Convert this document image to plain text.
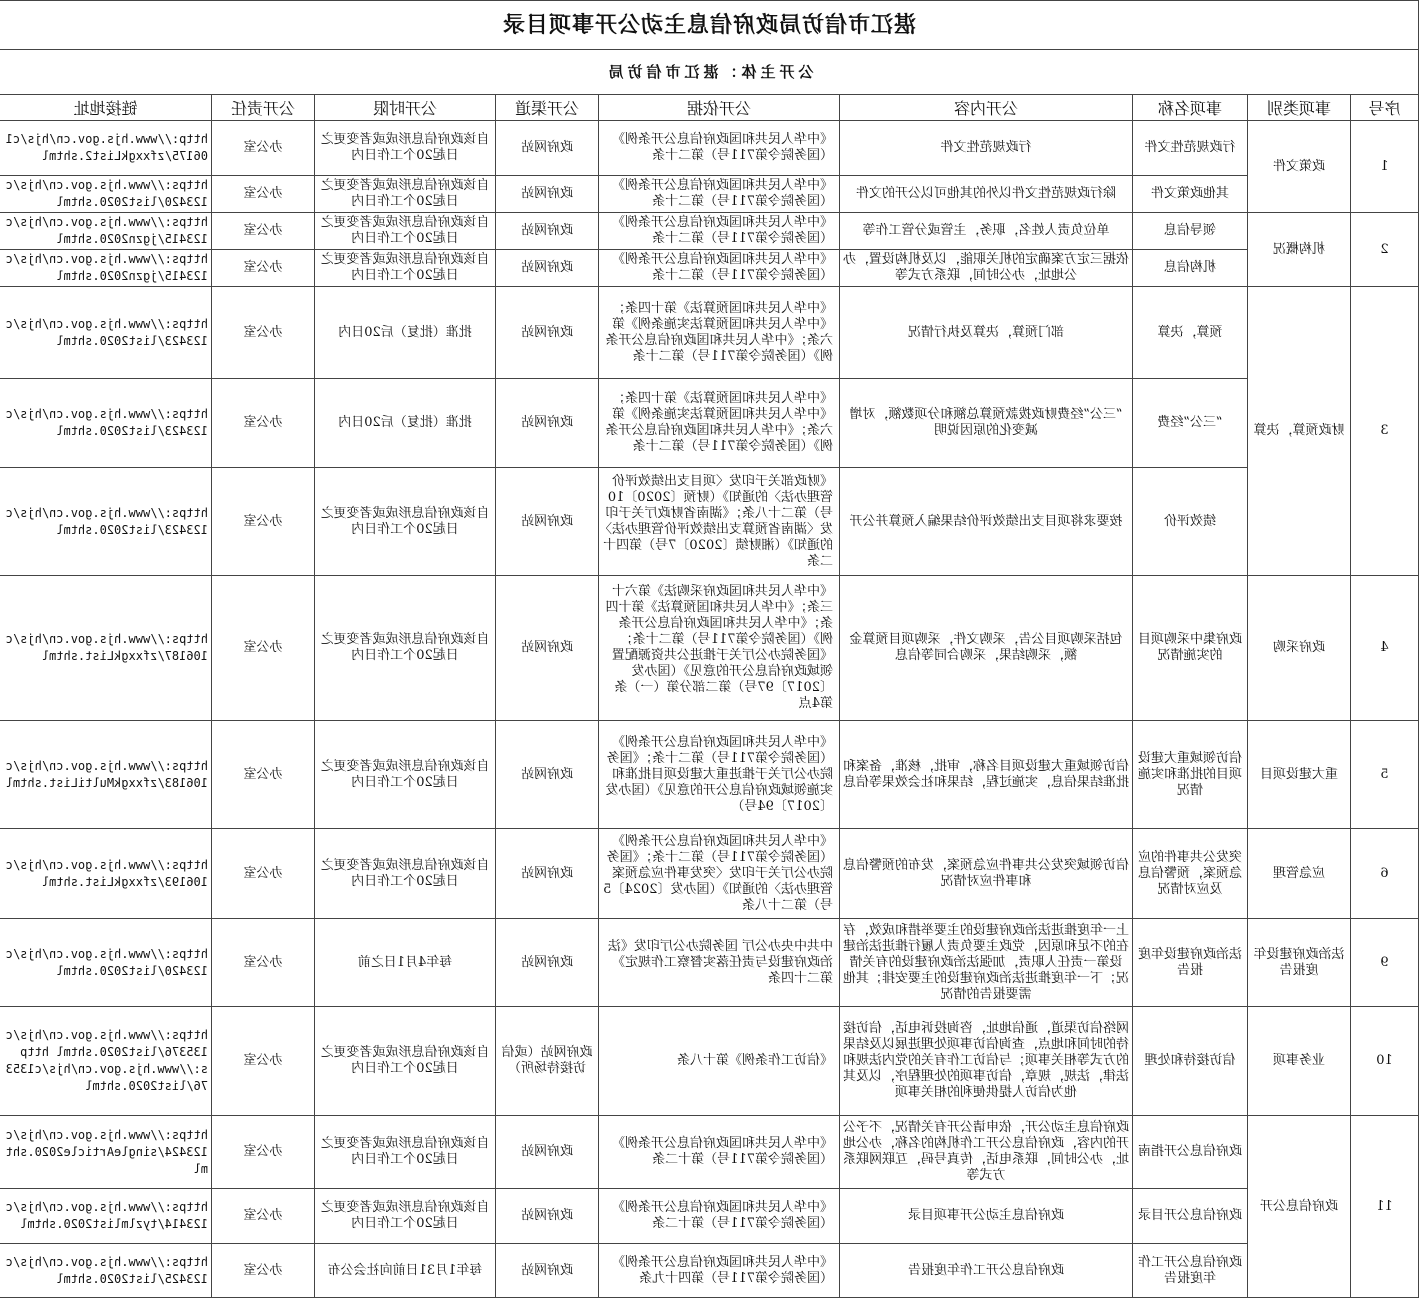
湛江市信访局政府信息主动公开事项目录								
公开主体：湛江市信访局								
序号	事项类别	事项名称	公开内容	公开依据	公开渠道	公开时限	公开责任	链接地址
1	政策文件	行政规范性文件	行政规范性文件	《中华人民共和国政府信息公开条例》（国务院令第711号）第二十条	政府网站	自该政府信息形成或者变更之日起20个工作日内	办公室	http://www.hjs.gov.cn/hjs/c106175/zfxxgkList2.shtml
		其他政策文件	除行政规范性文件以外的其他可以公开的文件	《中华人民共和国政府信息公开条例》（国务院令第711号）第二十条	政府网站	自该政府信息形成或者变更之日起20个工作日内	办公室	https://www.hjs.gov.cn/hjs/c123420/list2020.shtml
2	机构概况	领导信息	单位负责人姓名，职务，主管或分管工作等	《中华人民共和国政府信息公开条例》（国务院令第711号）第二十条	政府网站	自该政府信息形成或者变更之日起20个工作日内	办公室	https://www.hjs.gov.cn/hjs/c123415/jgzn2020.shtml
		机构信息	依据三定方案确定的机关职能，以及机构设置，办公地址，办公时间，联系方式等	《中华人民共和国政府信息公开条例》（国务院令第711号）第二十条	政府网站	自该政府信息形成或者变更之日起20个工作日内	办公室	https://www.hjs.gov.cn/hjs/c123415/jgzn2020.shtml
3	财政预算，决算	预算，决算	部门预算，决算及执行情况	《中华人民共和国预算法》第十四条；《中华人民共和国预算法实施条例》第六条；《中华人民共和国政府信息公开条例》（国务院令第711号）第二十条	政府网站	批准（批复）后20日内	办公室	https://www.hjs.gov.cn/hjs/c123423/list2020.shtml
		“三公”经费	“三公”经费财政拨款预算总额和分项数额，对增减变化的原因说明	《中华人民共和国预算法》第十四条；《中华人民共和国预算法实施条例》第六条；《中华人民共和国政府信息公开条例》（国务院令第711号）第二十条	政府网站	批准（批复）后20日内	办公室	https://www.hjs.gov.cn/hjs/c123423/list2020.shtml
		绩效评价	按要求将项目支出绩效评价结果编入预算并公开	《财政部关于印发〈项目支出绩效评价管理办法〉的通知》（财预〔2020〕10号）第二十八条；《湖南省财政厅关于印发〈湖南省预算支出绩效评价管理办法〉的通知》（湘财绩〔2020〕7号）第四十二条	政府网站	自该政府信息形成或者变更之日起20个工作日内	办公室	https://www.hjs.gov.cn/hjs/c123423/list2020.shtml
4	政府采购	政府集中采购项目的实施情况	包括采购项目公告，采购文件，采购项目预算金额，采购结果，采购合同等信息	《中华人民共和国政府采购法》第六十三条；《中华人民共和国预算法》第十四条；《中华人民共和国政府信息公开条例》（国务院令第711号）第二十条；《国务院办公厅关于推进公共资源配置领域政府信息公开的意见》（国办发〔2017〕97号）第二部分第（一）条第4点	政府网站	自该政府信息形成或者变更之日起20个工作日内	办公室	https://www.hjs.gov.cn/hjs/c106187/zfxxgkList.shtml
5	重大建设项目	信访领域重大建设项目的批准和实施情况	信访领域重大建设项目名称，审批，核准，备案和批准结果信息，实施过程，结果和社会效果等信息	《中华人民共和国政府信息公开条例》（国务院令第711号）第二十条；《国务院办公厅关于推进重大建设项目批准和实施领域政府信息公开的意见》（国办发〔2017〕94号）	政府网站	自该政府信息形成或者变更之日起20个工作日内	办公室	https://www.hjs.gov.cn/hjs/c106183/zfxxgkMultiList.shtml
6	应急管理	突发公共事件的应急预案，预警信息及应对情况	信访领域突发公共事件应急预案，发布的预警信息和事件应对情况	《中华人民共和国政府信息公开条例》（国务院令第711号）第二十条；《国务院办公厅关于印发〈突发事件应急预案管理办法〉的通知》（国办发〔2024〕5号）第二十八条	政府网站	自该政府信息形成或者变更之日起20个工作日内	办公室	https://www.hjs.gov.cn/hjs/c106193/zfxxgkList.shtml
9	法治政府建设年度报告	法治政府建设年度报告	上一年度推进法治政府建设的主要举措和成效，存在的不足和原因，党政主要负责人履行推进法治建设第一责任人职责，加强法治政府建设的有关情况；下一年度推进法治政府建设的主要安排；其他需要报告的情况	中共中央办公厅 国务院办公厅印发《法治政府建设与责任落实督察工作规定》第二十四条	政府网站	每年4月1日之前	办公室	https://www.hjs.gov.cn/hjs/c123420/list2020.shtml
10	业务事项	信访接待和处理	网络信访渠道，通信地址，咨询投诉电话，信访接待的时间和地点，查询信访事项处理进展以及结果的方式等相关事项；与信访工作有关的党内法规和法律，法规，规章，信访事项的处理程序，以及其他为信访人提供便利的相关事项	《信访工作条例》第十八条	政府网站（或信访接待场所）	自该政府信息形成或者变更之日起20个工作日内	办公室	https://www.hjs.gov.cn/hjs/c135376/list2020.shtml https://www.hjs.gov.cn/hjs/c135376/list2020.shtml
11	政府信息公开	政府信息公开指南	政府信息主动公开，依申请公开有关情况，不予公开的内容，政府信息公开工作机构的名称，办公地址，办公时间，联系电话，传真号码，互联网联系方式等	《中华人民共和国政府信息公开条例》（国务院令第711号）第十二条	政府网站	自该政府信息形成或者变更之日起20个工作日内	办公室	https://www.hjs.gov.cn/hjs/c123424/singleArticle2020.shtml
		政府信息公开目录	政府信息主动公开事项目录	《中华人民共和国政府信息公开条例》（国务院令第711号）第十二条	政府网站	自该政府信息形成或者变更之日起20个工作日内	办公室	https://www.hjs.gov.cn/hjs/c123414/tyzlmlist2020.shtml
		政府信息公开工作年度报告	政府信息公开工作年度报告	《中华人民共和国政府信息公开条例》（国务院令第711号）第四十九条	政府网站	每年1月31日前向社会公布	办公室	https://www.hjs.gov.cn/hjs/c123425/list2020.shtml
